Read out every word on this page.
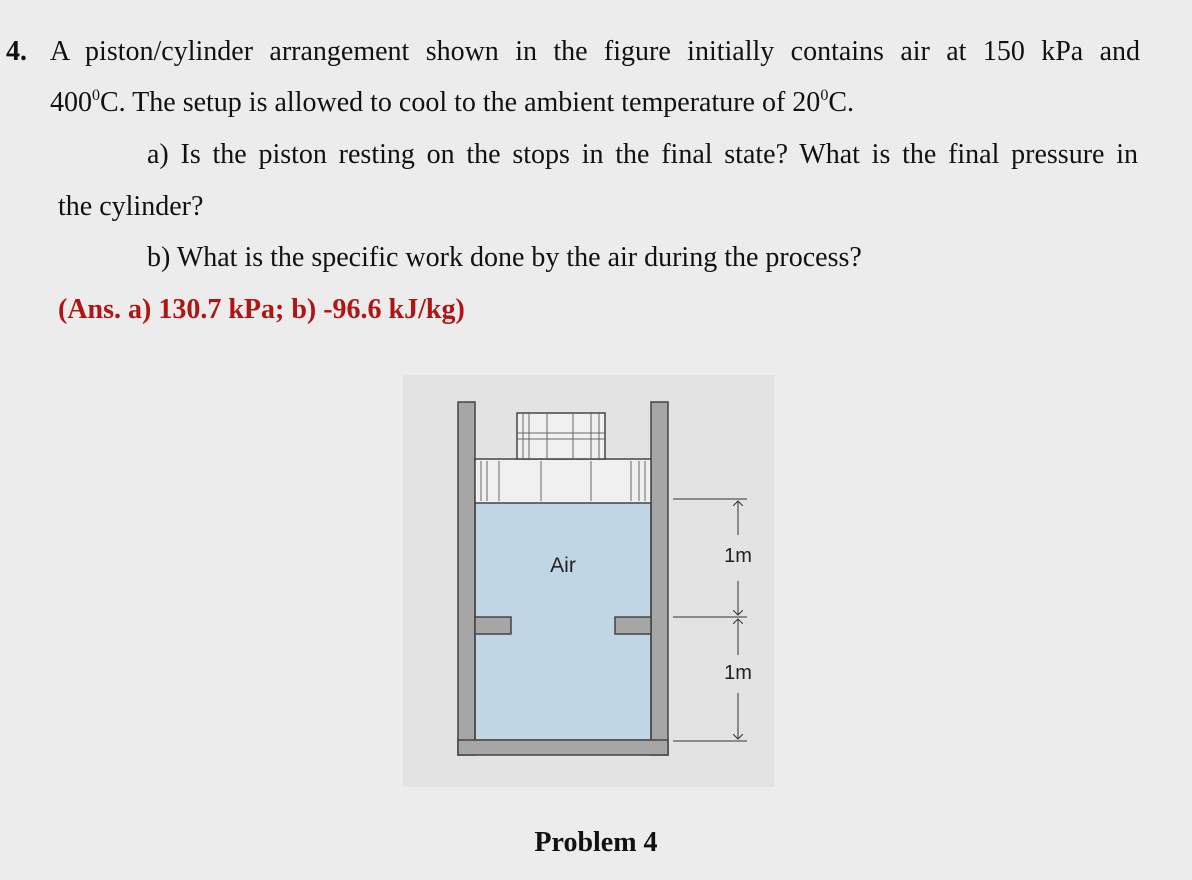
4. A piston/cylinder arrangement shown in the figure initially contains air at 150 kPa and
$400^0C$. The setup is allowed to cool to the ambient temperature of $20^0C$.
a) Is the piston resting on the stops in the final state? What is the final pressure in
the cylinder?
b) What is the specific work done by the air during the process?
(Ans. a) 130.7 kPa; b) -96.6 kJ/kg)
Air	1m
1m
Problem 4
